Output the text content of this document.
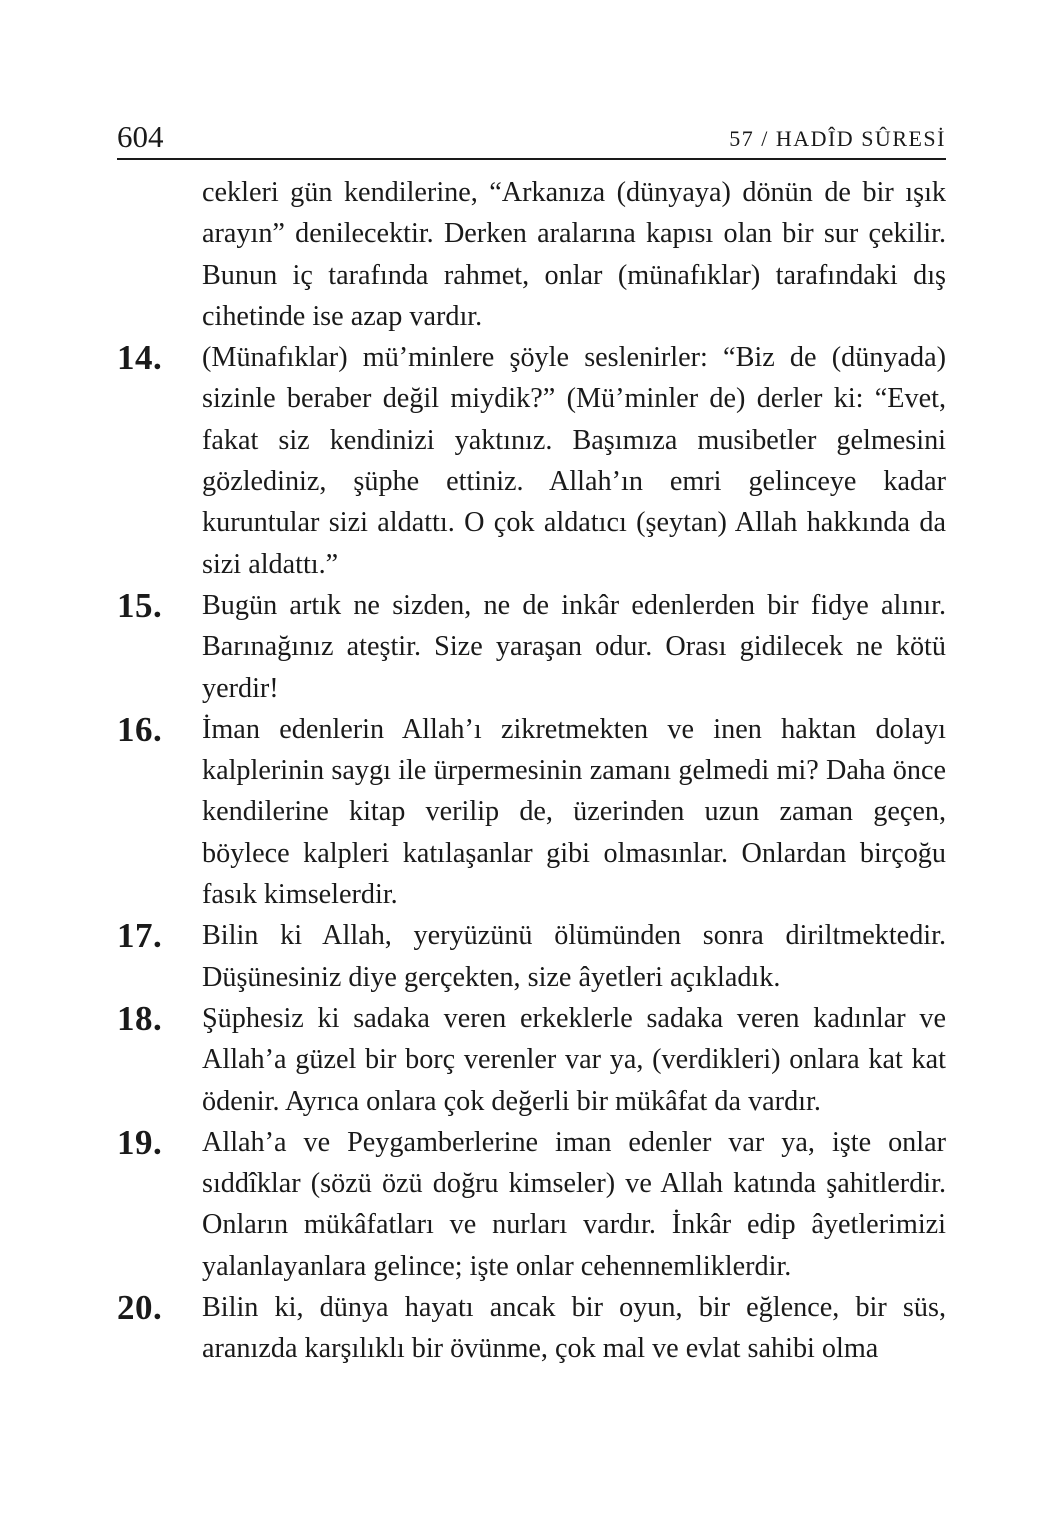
604	57 / HADÎD SÛRESİ
cekleri gün kendilerine, “Arkanıza (dünyaya) dönün de bir ışık arayın” denilecektir. Derken aralarına kapısı olan bir sur çekilir. Bunun iç tarafında rahmet, onlar (münafıklar) tarafındaki dış cihetinde ise azap vardır.
14. (Münafıklar) mü’minlere şöyle seslenirler: “Biz de (dünyada) sizinle beraber değil miydik?” (Mü’minler de) derler ki: “Evet, fakat siz kendinizi yaktınız. Başımıza musibetler gelmesini gözlediniz, şüphe ettiniz. Allah’ın emri gelinceye kadar kuruntular sizi aldattı. O çok aldatıcı (şeytan) Allah hakkında da sizi aldattı.”
15. Bugün artık ne sizden, ne de inkâr edenlerden bir fidye alınır. Barınağınız ateştir. Size yaraşan odur. Orası gidilecek ne kötü yerdir!
16. İman edenlerin Allah’ı zikretmekten ve inen haktan dolayı kalplerinin saygı ile ürpermesinin zamanı gelmedi mi? Daha önce kendilerine kitap verilip de, üzerinden uzun zaman geçen, böylece kalpleri katılaşanlar gibi olmasınlar. Onlardan birçoğu fasık kimselerdir.
17. Bilin ki Allah, yeryüzünü ölümünden sonra diriltmektedir. Düşünesiniz diye gerçekten, size âyetleri açıkladık.
18. Şüphesiz ki sadaka veren erkeklerle sadaka veren kadınlar ve Allah’a güzel bir borç verenler var ya, (verdikleri) onlara kat kat ödenir. Ayrıca onlara çok değerli bir mükâfat da vardır.
19. Allah’a ve Peygamberlerine iman edenler var ya, işte onlar sıddîklar (sözü özü doğru kimseler) ve Allah katında şahitlerdir. Onların mükâfatları ve nurları vardır. İnkâr edip âyetlerimizi yalanlayanlara gelince; işte onlar cehennemliklerdir.
20. Bilin ki, dünya hayatı ancak bir oyun, bir eğlence, bir süs, aranızda karşılıklı bir övünme, çok mal ve evlat sahibi olma
